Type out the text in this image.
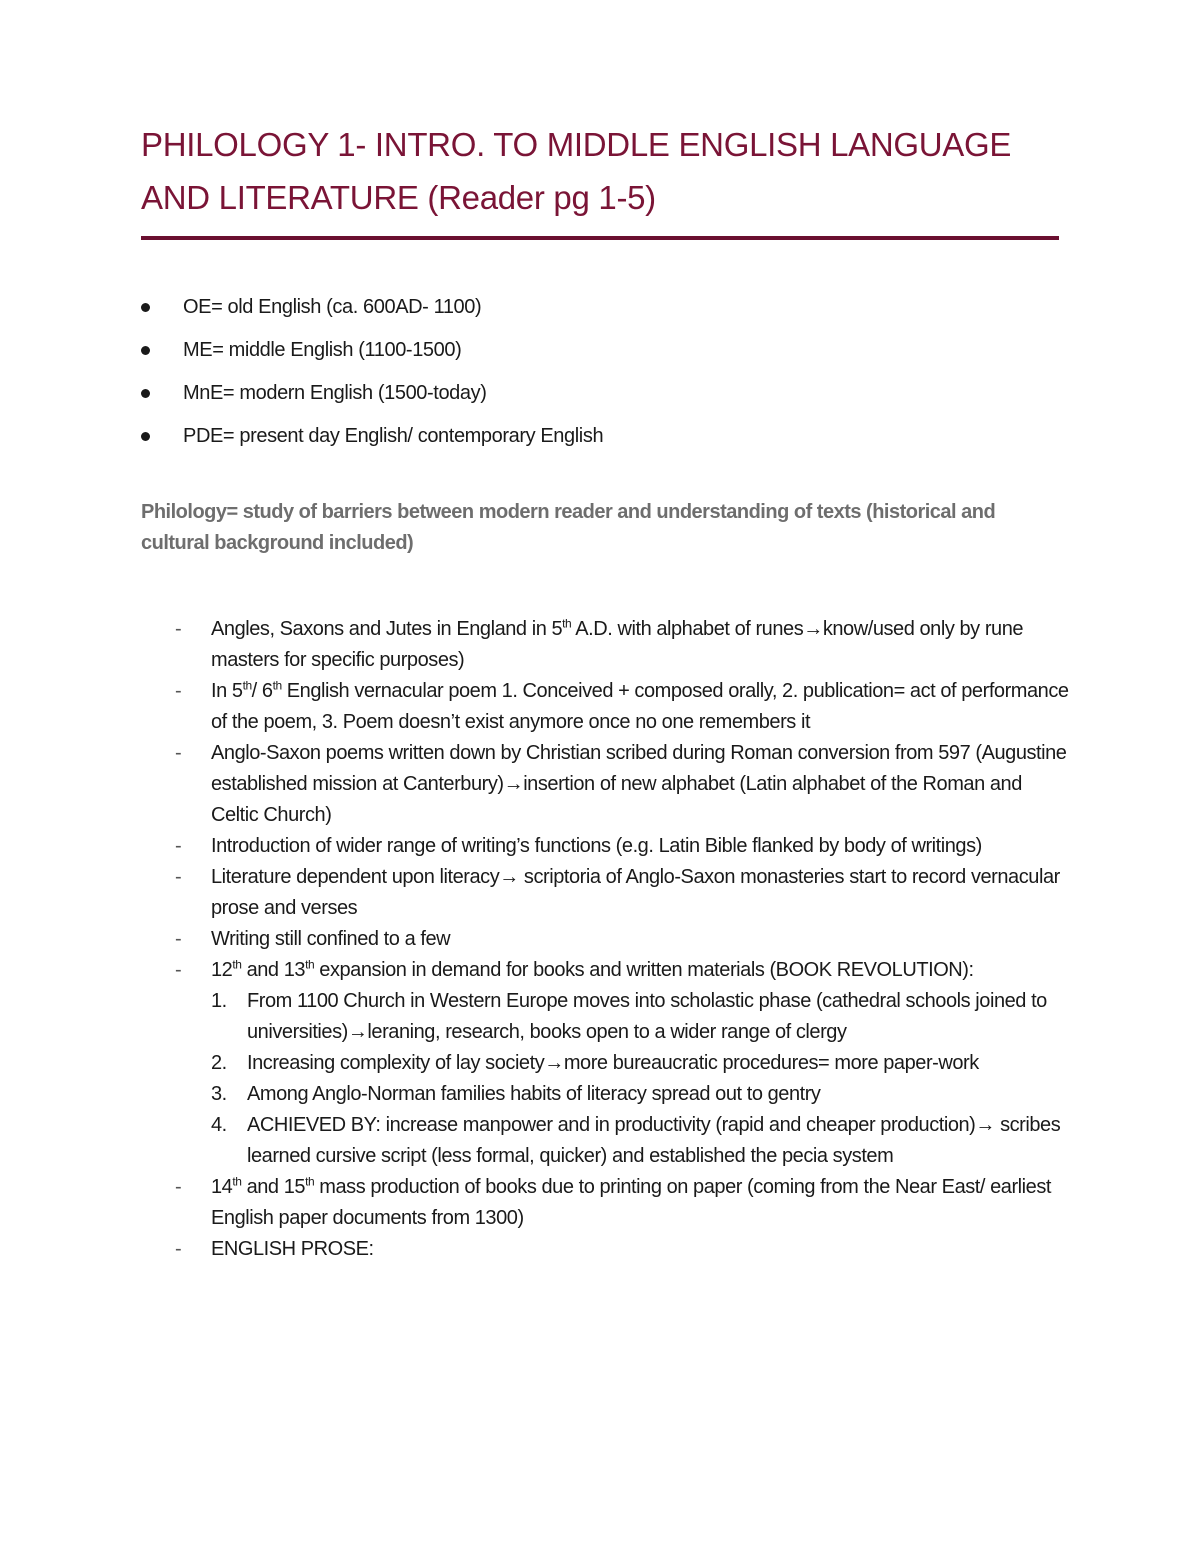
PHILOLOGY 1- INTRO. TO MIDDLE ENGLISH LANGUAGE AND LITERATURE (Reader pg 1-5)
OE= old English (ca. 600AD- 1100)
ME= middle English (1100-1500)
MnE= modern English (1500-today)
PDE= present day English/ contemporary English
Philology= study of barriers between modern reader and understanding of texts (historical and cultural background included)
- Angles, Saxons and Jutes in England in 5th A.D. with alphabet of runes→know/used only by rune masters for specific purposes)
- In 5th/ 6th English vernacular poem 1. Conceived + composed orally, 2. publication= act of performance of the poem, 3. Poem doesn’t exist anymore once no one remembers it
- Anglo-Saxon poems written down by Christian scribed during Roman conversion from 597 (Augustine established mission at Canterbury)→insertion of new alphabet (Latin alphabet of the Roman and Celtic Church)
- Introduction of wider range of writing’s functions (e.g. Latin Bible flanked by body of writings)
- Literature dependent upon literacy→ scriptoria of Anglo-Saxon monasteries start to record vernacular prose and verses
- Writing still confined to a few
- 12th and 13th expansion in demand for books and written materials (BOOK REVOLUTION):
1. From 1100 Church in Western Europe moves into scholastic phase (cathedral schools joined to universities)→leraning, research, books open to a wider range of clergy
2. Increasing complexity of lay society→more bureaucratic procedures= more paper-work
3. Among Anglo-Norman families habits of literacy spread out to gentry
4. ACHIEVED BY: increase manpower and in productivity (rapid and cheaper production)→ scribes learned cursive script (less formal, quicker) and established the pecia system
- 14th and 15th mass production of books due to printing on paper (coming from the Near East/ earliest English paper documents from 1300)
- ENGLISH PROSE:
